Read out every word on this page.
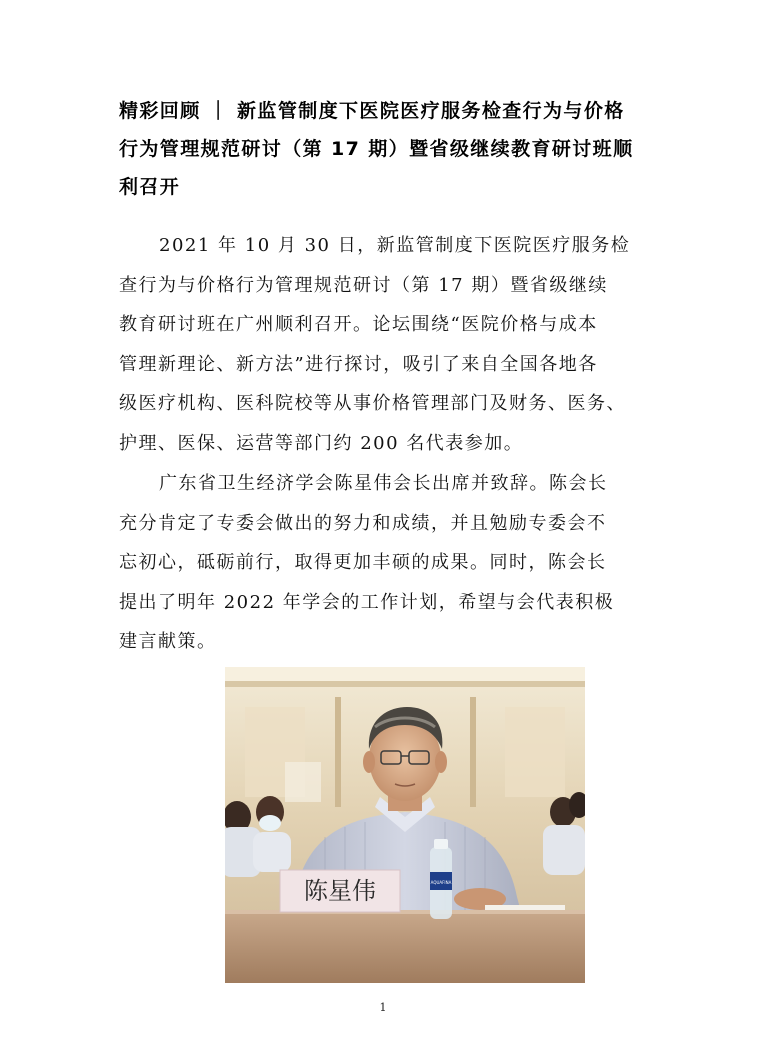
精彩回顾 ｜ 新监管制度下医院医疗服务检查行为与价格
行为管理规范研讨（第 17 期）暨省级继续教育研讨班顺
利召开
2021 年 10 月 30 日，新监管制度下医院医疗服务检
查行为与价格行为管理规范研讨（第 17 期）暨省级继续
教育研讨班在广州顺利召开。论坛围绕“医院价格与成本
管理新理论、新方法”进行探讨，吸引了来自全国各地各
级医疗机构、医科院校等从事价格管理部门及财务、医务、
护理、医保、运营等部门约 200 名代表参加。
广东省卫生经济学会陈星伟会长出席并致辞。陈会长
充分肯定了专委会做出的努力和成绩，并且勉励专委会不
忘初心，砥砺前行，取得更加丰硕的成果。同时，陈会长
提出了明年 2022 年学会的工作计划，希望与会代表积极
建言献策。
陈星伟	AQUAFINA
1
